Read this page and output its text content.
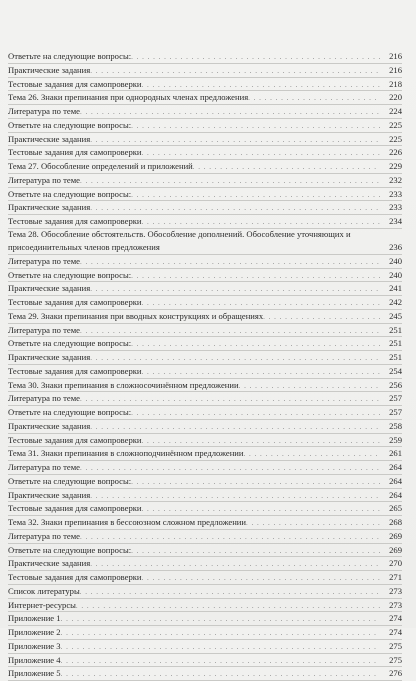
Ответьте на следующие вопросы: . . .	216
Практические задания . . .	216
Тестовые задания для самопроверки . . .	218
Тема 26. Знаки препинания при однородных членах предложения . . .	220
Литература по теме . . .	224
Ответьте на следующие вопросы: . . .	225
Практические задания . . .	225
Тестовые задания для самопроверки . . .	226
Тема 27. Обособление определений и приложений . . .	229
Литература по теме . . .	232
Ответьте на следующие вопросы: . . .	233
Практические задания . . .	233
Тестовые задания для самопроверки . . .	234
Тема 28. Обособление обстоятельств. Обособление дополнений. Обособление уточняющих и присоединительных членов предложения	236
Литература по теме . . .	240
Ответьте на следующие вопросы: . . .	240
Практические задания . . .	241
Тестовые задания для самопроверки . . .	242
Тема 29. Знаки препинания при вводных конструкциях и обращениях . . .	245
Литература по теме . . .	251
Ответьте на следующие вопросы: . . .	251
Практические задания . . .	251
Тестовые задания для самопроверки . . .	254
Тема 30. Знаки препинания в сложносочинённом предложении . . .	256
Литература по теме . . .	257
Ответьте на следующие вопросы: . . .	257
Практические задания . . .	258
Тестовые задания для самопроверки . . .	259
Тема 31. Знаки препинания в сложноподчинённом предложении . . .	261
Литература по теме . . .	264
Ответьте на следующие вопросы: . . .	264
Практические задания . . .	264
Тестовые задания для самопроверки . . .	265
Тема 32. Знаки препинания в бессоюзном сложном предложении . . .	268
Литература по теме . . .	269
Ответьте на следующие вопросы: . . .	269
Практические задания . . .	270
Тестовые задания для самопроверки . . .	271
Список литературы . . .	273
Интернет-ресурсы . . .	273
Приложение 1 . . .	274
Приложение 2 . . .	274
Приложение 3 . . .	275
Приложение 4 . . .	275
Приложение 5 . . .	276
